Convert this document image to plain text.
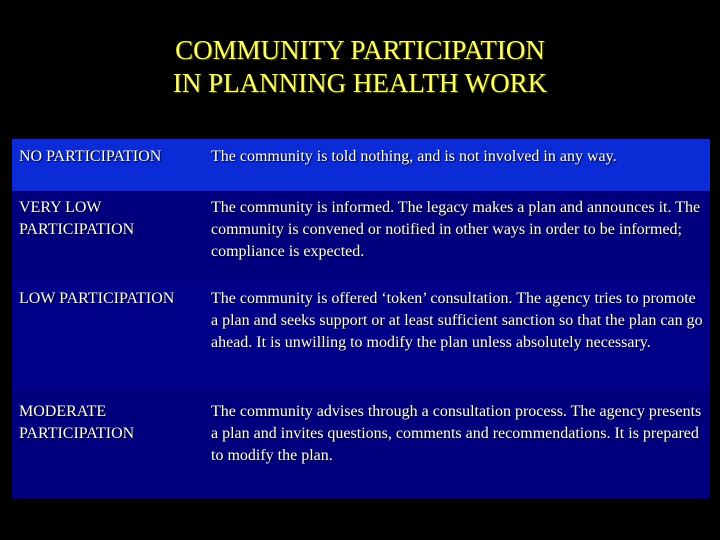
COMMUNITY PARTICIPATION
IN PLANNING HEALTH WORK
NO PARTICIPATION	The community is told nothing, and is not involved in any way.
VERY LOW PARTICIPATION
The community is informed. The legacy makes a plan and announces it. The community is convened or notified in other ways in order to be informed; compliance is expected.
LOW PARTICIPATION	The community is offered ‘token’ consultation. The agency tries to promote a plan and seeks support or at least sufficient sanction so that the plan can go ahead. It is unwilling to modify the plan unless absolutely necessary.
MODERATE PARTICIPATION
The community advises through a consultation process. The agency presents a plan and invites questions, comments and recommendations. It is prepared to modify the plan.
